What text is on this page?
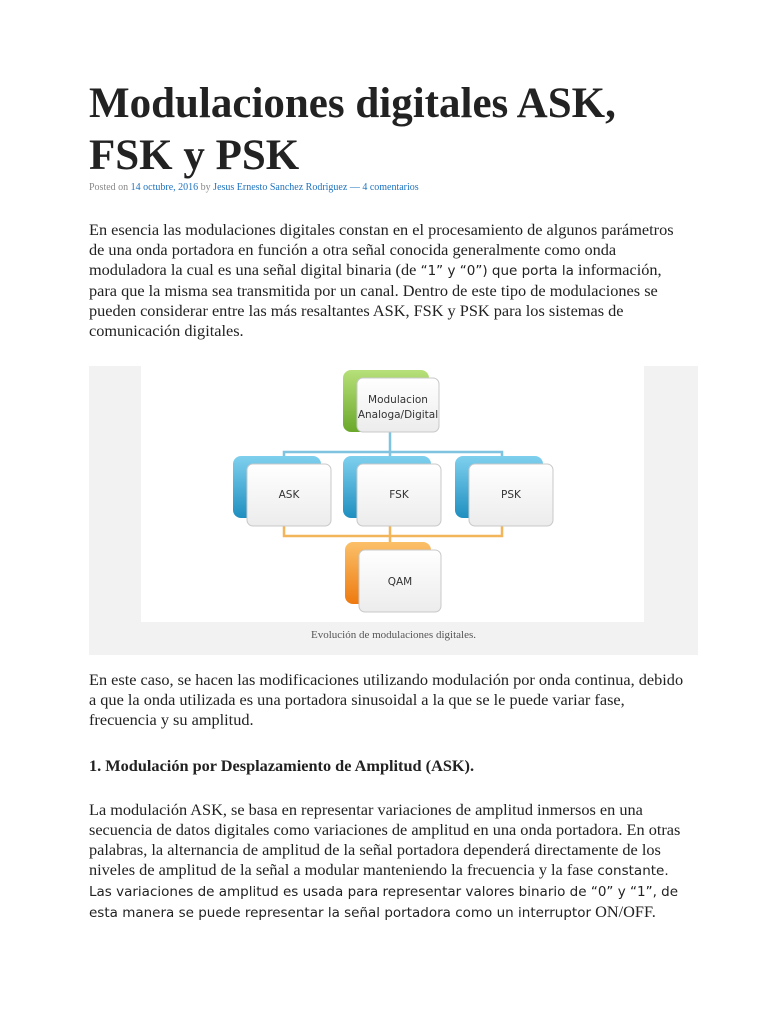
Modulaciones digitales ASK, FSK y PSK
Posted on 14 octubre, 2016 by Jesus Ernesto Sanchez Rodriguez — 4 comentarios

En esencia las modulaciones digitales constan en el procesamiento de algunos parámetros de una onda portadora en función a otra señal conocida generalmente como onda moduladora la cual es una señal digital binaria (de “1” y “0”) que porta la información, para que la misma sea transmitida por un canal. Dentro de este tipo de modulaciones se pueden considerar entre las más resaltantes ASK, FSK y PSK para los sistemas de comunicación digitales.

Modulacion
Analoga/Digital
ASK	FSK	PSK
QAM
Evolución de modulaciones digitales.

En este caso, se hacen las modificaciones utilizando modulación por onda continua, debido a que la onda utilizada es una portadora sinusoidal a la que se le puede variar fase, frecuencia y su amplitud.

1. Modulación por Desplazamiento de Amplitud (ASK).

La modulación ASK, se basa en representar variaciones de amplitud inmersos en una secuencia de datos digitales como variaciones de amplitud en una onda portadora. En otras palabras, la alternancia de amplitud de la señal portadora dependerá directamente de los niveles de amplitud de la señal a modular manteniendo la frecuencia y la fase constante. Las variaciones de amplitud es usada para representar valores binario de “0” y “1”, de esta manera se puede representar la señal portadora como un interruptor ON/OFF.
